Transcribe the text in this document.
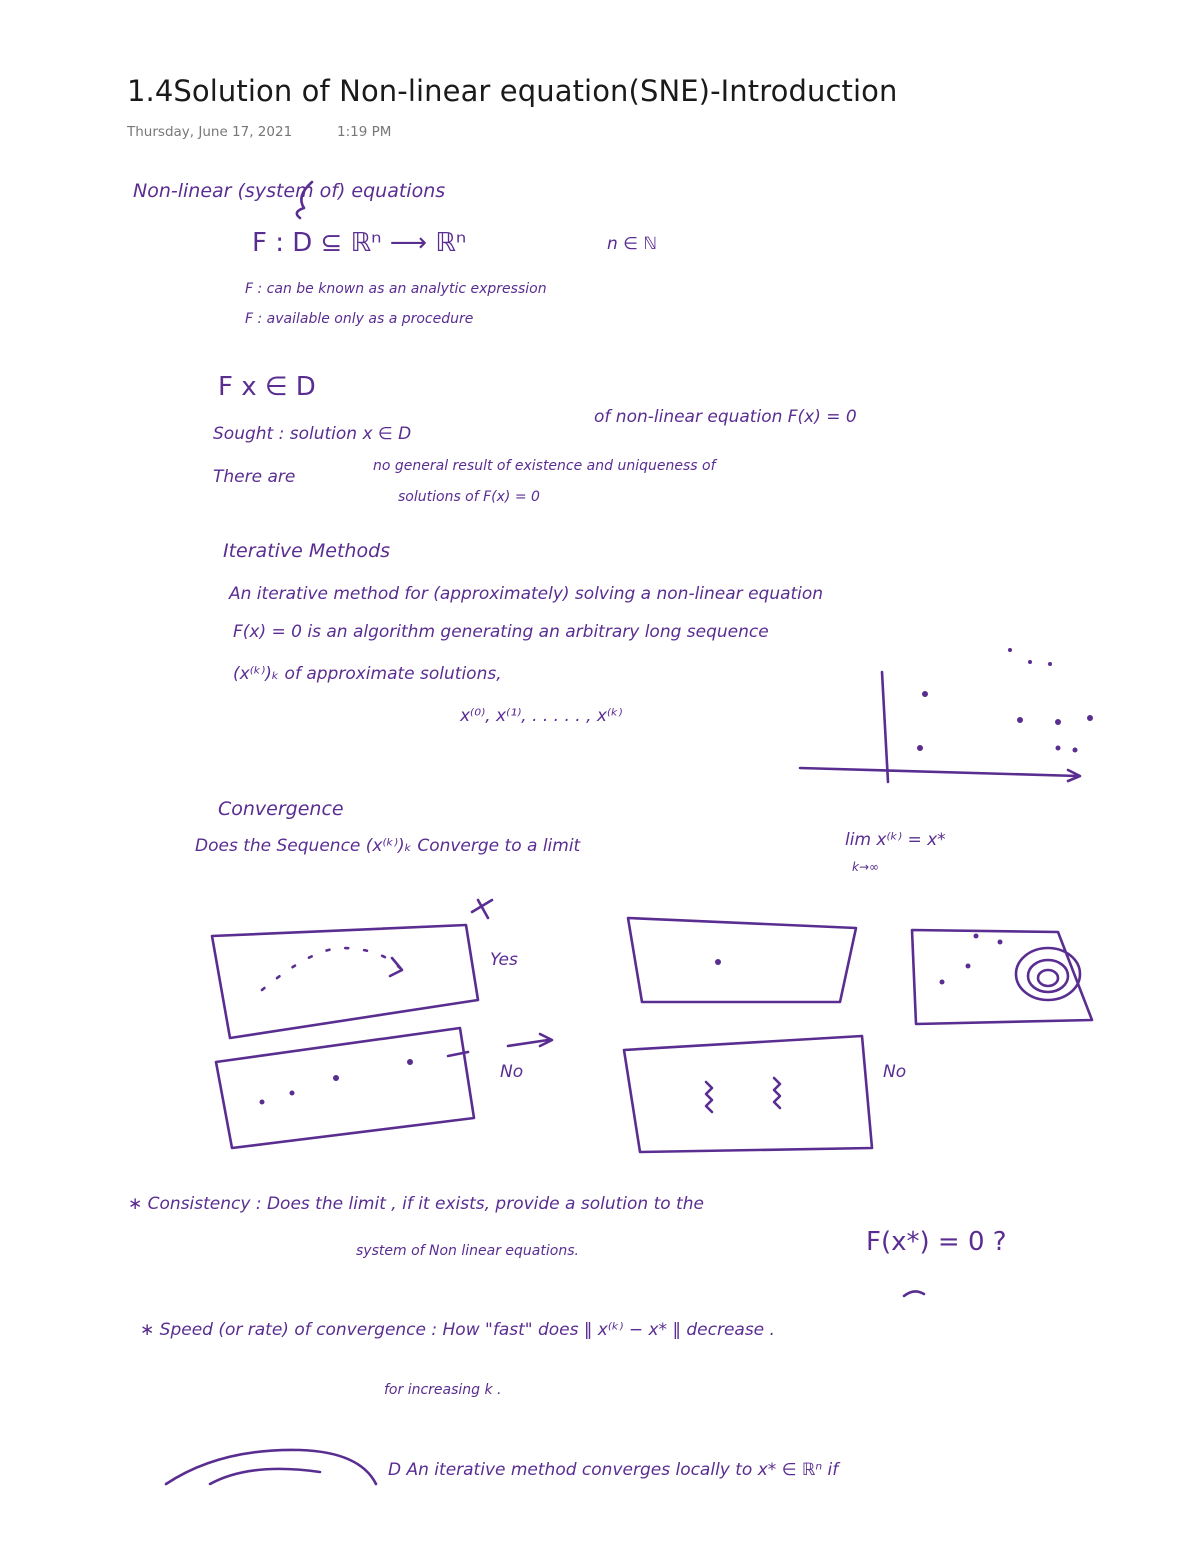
1.4Solution of Non-linear equation(SNE)-Introduction
Thursday, June 17, 2021	1:19 PM
Non-linear (system of) equations
F : D ⊆ ℝⁿ ⟶ ℝⁿ	n ∈ ℕ
F : can be known as an analytic expression
F : available only as a procedure
F x ∈ D
Sought : solution x ∈ D
of non-linear equation F(x) = 0
There are
no general result of existence and uniqueness of
solutions of F(x) = 0
Iterative Methods
An iterative method for (approximately) solving a non-linear equation
F(x) = 0 is an algorithm generating an arbitrary long sequence
(x⁽ᵏ⁾)ₖ of approximate solutions,
x⁽⁰⁾, x⁽¹⁾, . . . . . , x⁽ᵏ⁾
Convergence
Does the Sequence (x⁽ᵏ⁾)ₖ Converge to a limit	lim x⁽ᵏ⁾ = x*
k→∞
Yes
No	No
∗ Consistency : Does the limit , if it exists, provide a solution to the
system of Non linear equations.	F(x*) = 0 ?
∗ Speed (or rate) of convergence : How "fast" does ‖ x⁽ᵏ⁾ − x* ‖ decrease .
for increasing k .
D An iterative method converges locally to x* ∈ ℝⁿ if
